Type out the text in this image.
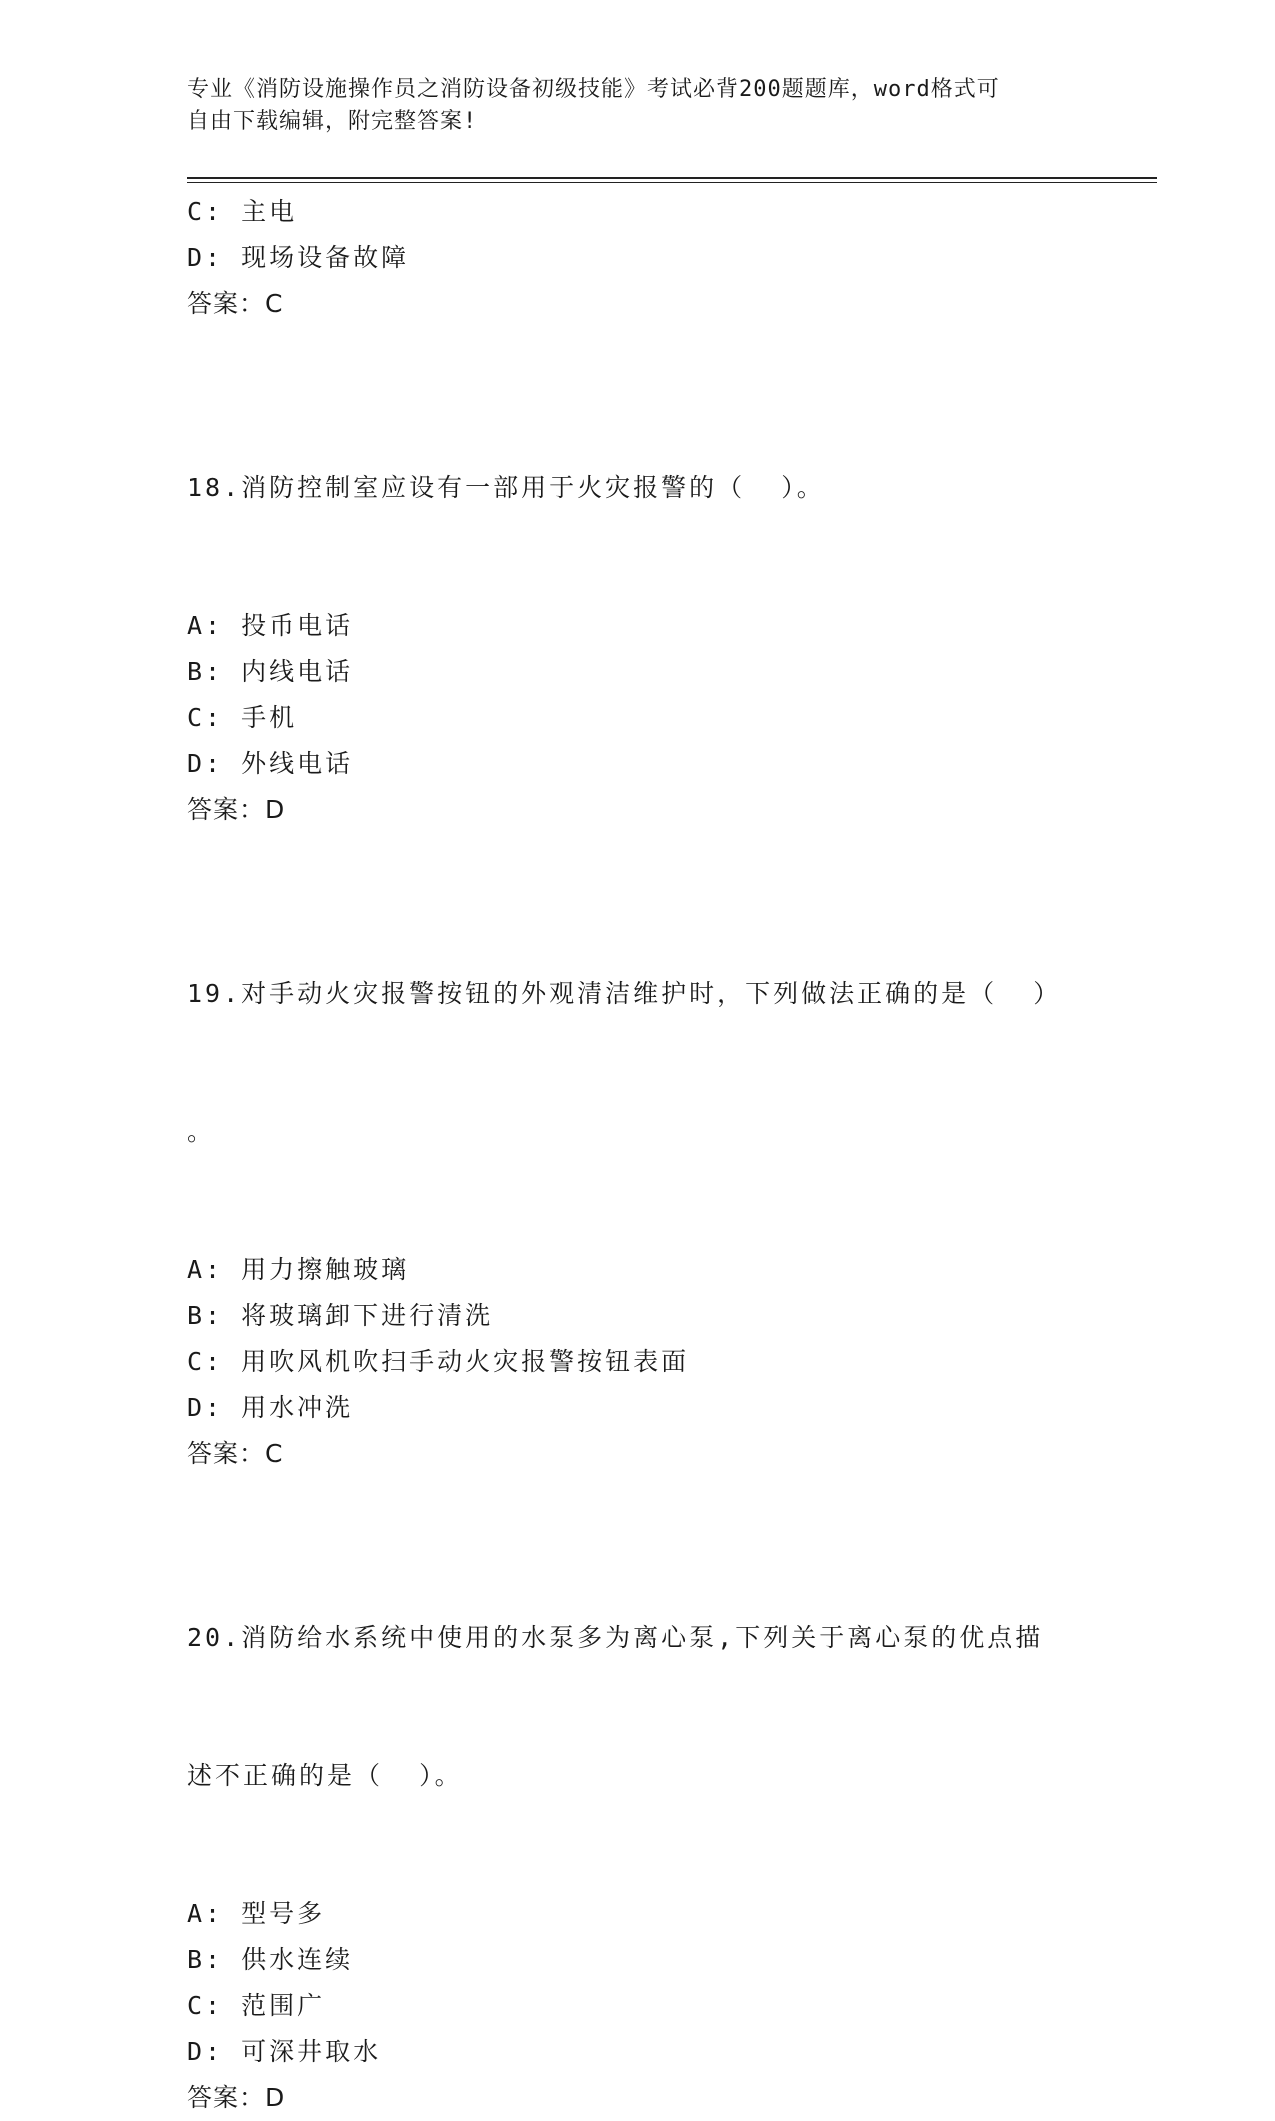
专业《消防设施操作员之消防设备初级技能》考试必背200题题库，word格式可
自由下载编辑，附完整答案!
C: 主电
D: 现场设备故障
答案：C

18.消防控制室应设有一部用于火灾报警的（  ）。

A: 投币电话
B: 内线电话
C: 手机
D: 外线电话
答案：D

19.对手动火灾报警按钮的外观清洁维护时，下列做法正确的是（  ）

。

A: 用力擦触玻璃
B: 将玻璃卸下进行清洗
C: 用吹风机吹扫手动火灾报警按钮表面
D: 用水冲洗
答案：C

20.消防给水系统中使用的水泵多为离心泵,下列关于离心泵的优点描

述不正确的是（  ）。

A: 型号多
B: 供水连续
C: 范围广
D: 可深井取水
答案：D
